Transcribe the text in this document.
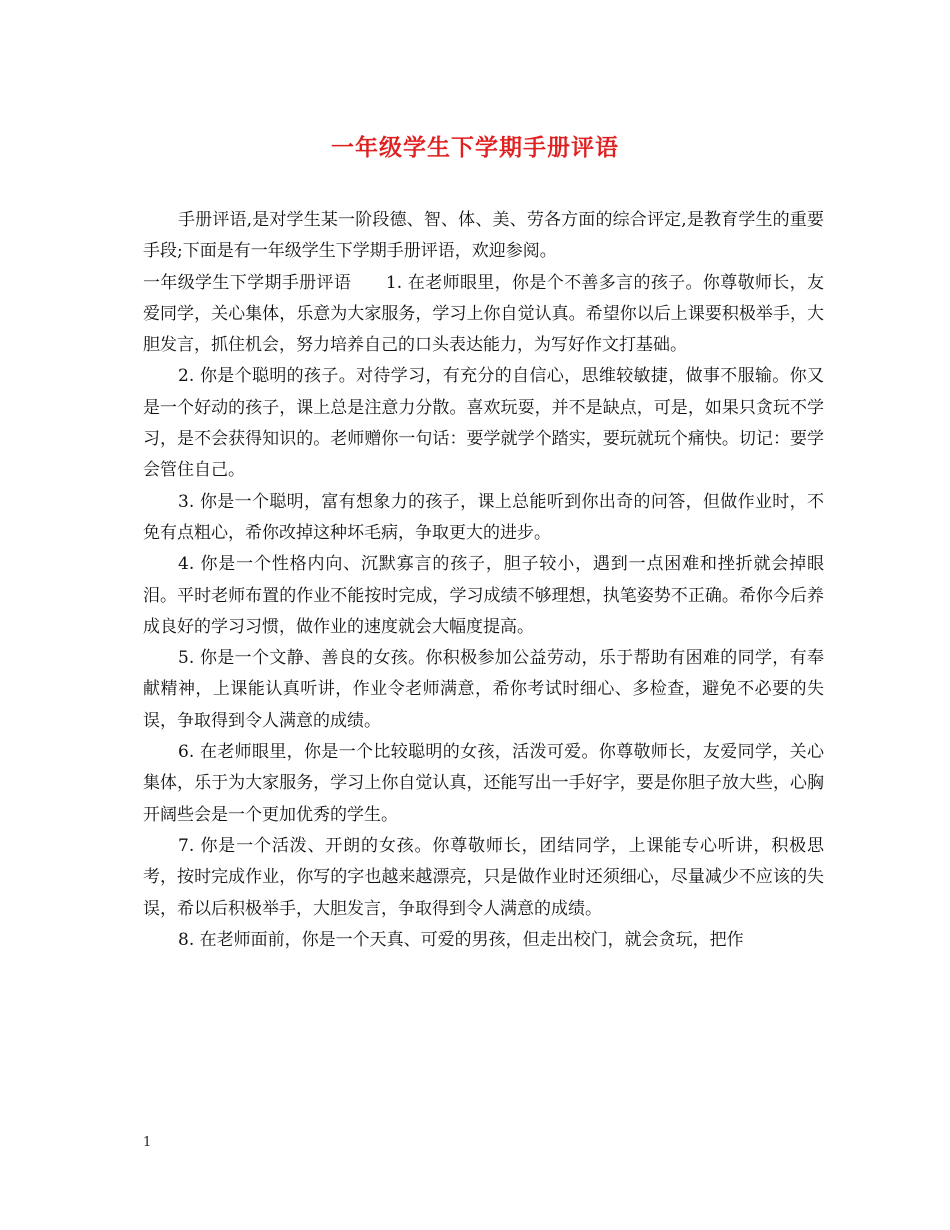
一年级学生下学期手册评语

手册评语,是对学生某一阶段德、智、体、美、劳各方面的综合评定,是教育学生的重要手段;下面是有一年级学生下学期手册评语，欢迎参阅。

一年级学生下学期手册评语　　1. 在老师眼里，你是个不善多言的孩子。你尊敬师长，友爱同学，关心集体，乐意为大家服务，学习上你自觉认真。希望你以后上课要积极举手，大胆发言，抓住机会，努力培养自己的口头表达能力，为写好作文打基础。

2. 你是个聪明的孩子。对待学习，有充分的自信心，思维较敏捷，做事不服输。你又是一个好动的孩子，课上总是注意力分散。喜欢玩耍，并不是缺点，可是，如果只贪玩不学习，是不会获得知识的。老师赠你一句话：要学就学个踏实，要玩就玩个痛快。切记：要学会管住自己。

3. 你是一个聪明，富有想象力的孩子，课上总能听到你出奇的问答，但做作业时，不免有点粗心，希你改掉这种坏毛病，争取更大的进步。

4. 你是一个性格内向、沉默寡言的孩子，胆子较小，遇到一点困难和挫折就会掉眼泪。平时老师布置的作业不能按时完成，学习成绩不够理想，执笔姿势不正确。希你今后养成良好的学习习惯，做作业的速度就会大幅度提高。

5. 你是一个文静、善良的女孩。你积极参加公益劳动，乐于帮助有困难的同学，有奉献精神，上课能认真听讲，作业令老师满意，希你考试时细心、多检查，避免不必要的失误，争取得到令人满意的成绩。

6. 在老师眼里，你是一个比较聪明的女孩，活泼可爱。你尊敬师长，友爱同学，关心集体，乐于为大家服务，学习上你自觉认真，还能写出一手好字，要是你胆子放大些，心胸开阔些会是一个更加优秀的学生。

7. 你是一个活泼、开朗的女孩。你尊敬师长，团结同学，上课能专心听讲，积极思考，按时完成作业，你写的字也越来越漂亮，只是做作业时还须细心，尽量减少不应该的失误，希以后积极举手，大胆发言，争取得到令人满意的成绩。

8. 在老师面前，你是一个天真、可爱的男孩，但走出校门，就会贪玩，把作

1
